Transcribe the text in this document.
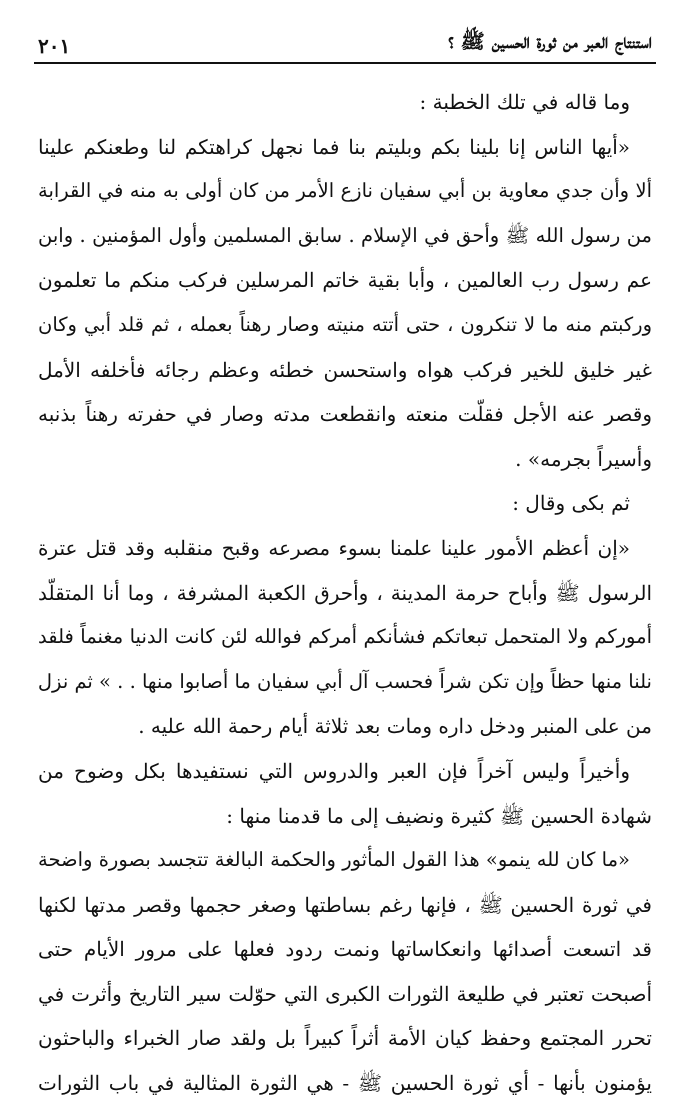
استنتاج العبر من ثورة الحسين ﷺ ؟
٢٠١
وما قاله في تلك الخطبة :
«أيها الناس إنا بلينا بكم وبليتم بنا فما نجهل كراهتكم لنا وطعنكم علينا
ألا وأن جدي معاوية بن أبي سفيان نازع الأمر من كان أولى به منه في القرابة
من رسول الله ﷺ وأحق في الإسلام . سابق المسلمين وأول المؤمنين . وابن
عم رسول رب العالمين ، وأبا بقية خاتم المرسلين فركب منكم ما تعلمون
وركبتم منه ما لا تنكرون ، حتى أتته منيته وصار رهناً بعمله ، ثم قلد أبي وكان
غير خليق للخير فركب هواه واستحسن خطئه وعظم رجائه فأخلفه الأمل
وقصر عنه الأجل فقلّت منعته وانقطعت مدته وصار في حفرته رهناً بذنبه
وأسيراً بجرمه» .
ثم بكى وقال :
«إن أعظم الأمور علينا علمنا بسوء مصرعه وقبح منقلبه وقد قتل عترة
الرسول ﷺ وأباح حرمة المدينة ، وأحرق الكعبة المشرفة ، وما أنا المتقلّد
أموركم ولا المتحمل تبعاتكم فشأنكم أمركم فوالله لئن كانت الدنيا مغنماً فلقد
نلنا منها حظاً وإن تكن شراً فحسب آل أبي سفيان ما أصابوا منها . . » ثم نزل
من على المنبر ودخل داره ومات بعد ثلاثة أيام رحمة الله عليه .
وأخيراً وليس آخراً فإن العبر والدروس التي نستفيدها بكل وضوح من
شهادة الحسين ﷺ كثيرة ونضيف إلى ما قدمنا منها :
«ما كان لله ينمو» هذا القول المأثور والحكمة البالغة تتجسد بصورة واضحة
في ثورة الحسين ﷺ ، فإنها رغم بساطتها وصغر حجمها وقصر مدتها لكنها
قد اتسعت أصدائها وانعكاساتها ونمت ردود فعلها على مرور الأيام حتى
أصبحت تعتبر في طليعة الثورات الكبرى التي حوّلت سير التاريخ وأثرت في
تحرر المجتمع وحفظ كيان الأمة أثراً كبيراً بل ولقد صار الخبراء والباحثون
يؤمنون بأنها - أي ثورة الحسين ﷺ - هي الثورة المثالية في باب الثورات
